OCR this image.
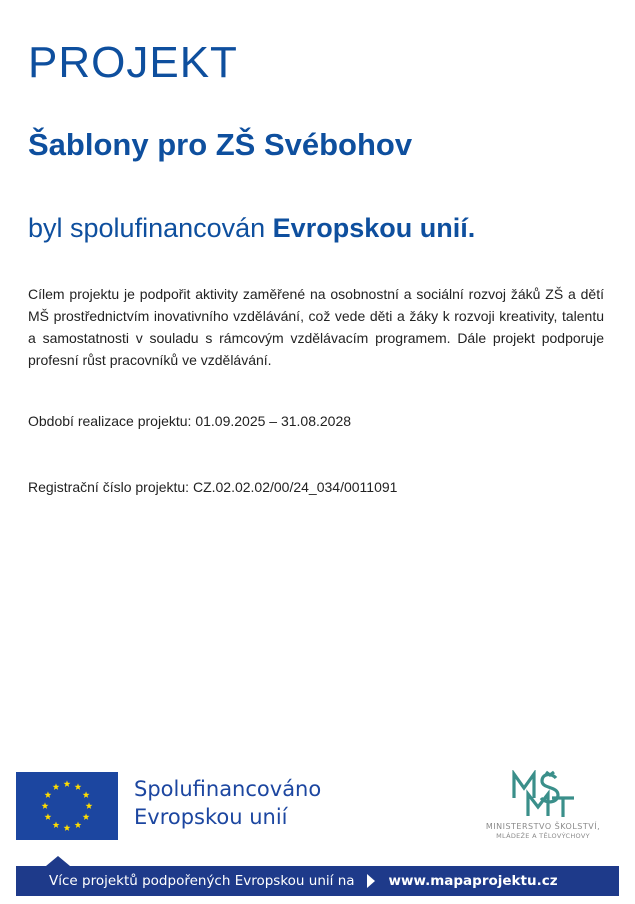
PROJEKT
Šablony pro ZŠ Svébohov

byl spolufinancován Evropskou unií.

Cílem projektu je podpořit aktivity zaměřené na osobnostní a sociální rozvoj žáků ZŠ a dětí MŠ prostřednictvím inovativního vzdělávání, což vede děti a žáky k rozvoji kreativity, talentu a samostatnosti v souladu s rámcovým vzdělávacím programem. Dále projekt podporuje profesní růst pracovníků ve vzdělávání.

Období realizace projektu: 01.09.2025 – 31.08.2028

Registrační číslo projektu: CZ.02.02.02/00/24_034/0011091

Spolufinancováno
Evropskou unií	MINISTERSTVO ŠKOLSTVÍ,
MLÁDEŽE A TĚLOVÝCHOVY
Více projektů podpořených Evropskou unií na	www.mapaprojektu.cz
